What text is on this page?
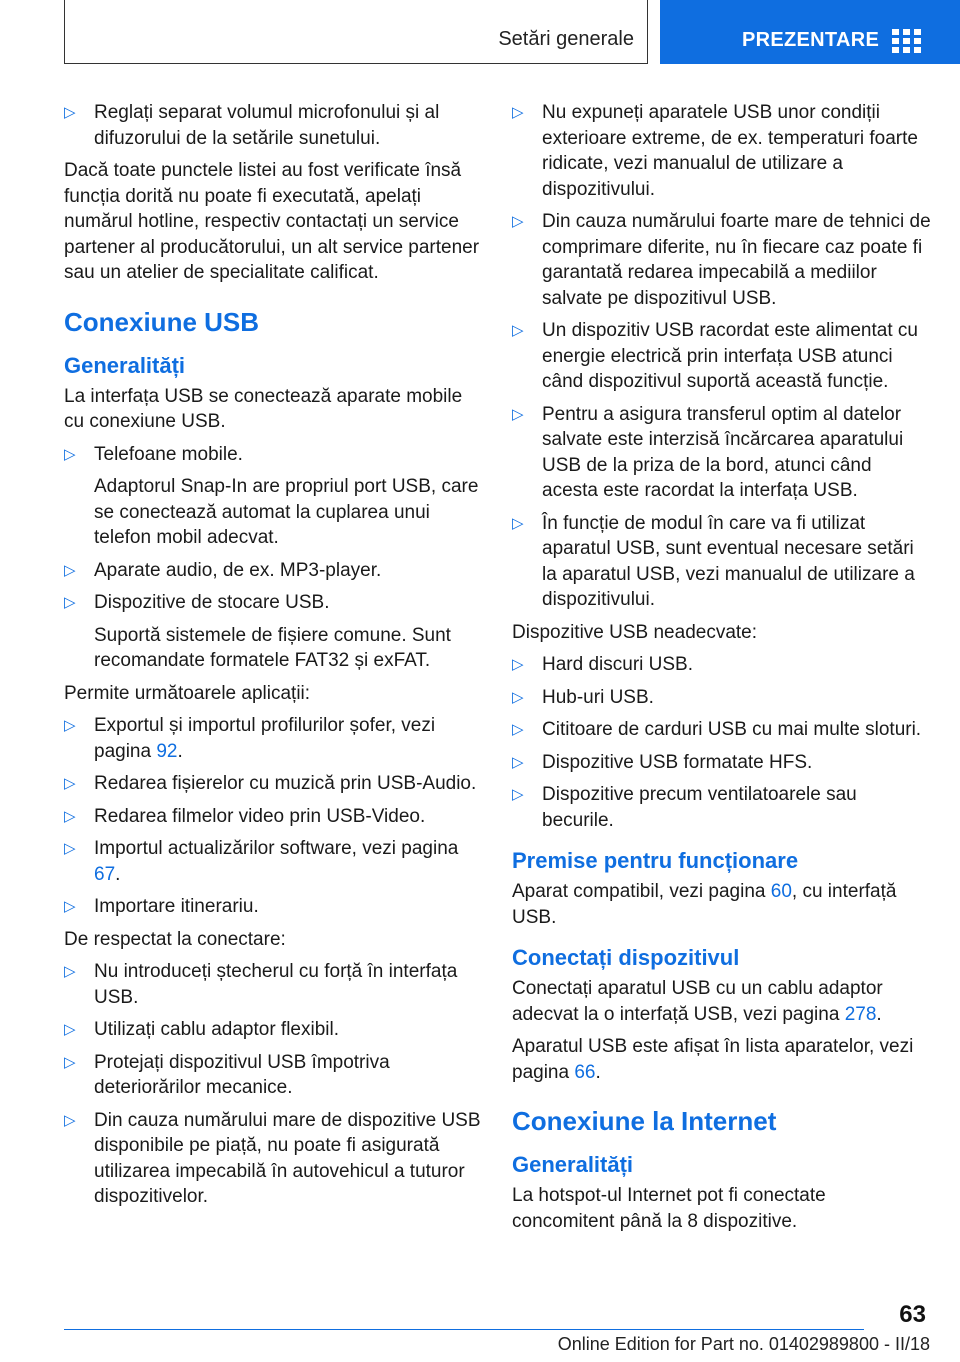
Setări generale	PREZENTARE
▷ Reglați separat volumul microfonului și al difuzorului de la setările sunetului.

Dacă toate punctele listei au fost verificate însă funcția dorită nu poate fi executată, apelați numărul hotline, respectiv contactați un service partener al producătorului, un alt service partener sau un atelier de specialitate calificat.

Conexiune USB
Generalități

La interfața USB se conectează aparate mobile cu conexiune USB.

▷ Telefoane mobile.
Adaptorul Snap-In are propriul port USB, care se conectează automat la cuplarea unui telefon mobil adecvat.
▷ Aparate audio, de ex. MP3-player.
▷ Dispozitive de stocare USB.
Suportă sistemele de fișiere comune. Sunt recomandate formatele FAT32 și exFAT.

Permite următoarele aplicații:

▷ Exportul și importul profilurilor șofer, vezi pagina 92.
▷ Redarea fișierelor cu muzică prin USB-Audio.
▷ Redarea filmelor video prin USB-Video.
▷ Importul actualizărilor software, vezi pagina 67.
▷ Importare itinerariu.

De respectat la conectare:

▷ Nu introduceți ștecherul cu forță în interfața USB.
▷ Utilizați cablu adaptor flexibil.
▷ Protejați dispozitivul USB împotriva deteriorărilor mecanice.
▷ Din cauza numărului mare de dispozitive USB disponibile pe piață, nu poate fi asigurată utilizarea impecabilă în autovehicul a tuturor dispozitivelor.
▷ Nu expuneți aparatele USB unor condiții exterioare extreme, de ex. temperaturi foarte ridicate, vezi manualul de utilizare a dispozitivului.
▷ Din cauza numărului foarte mare de tehnici de comprimare diferite, nu în fiecare caz poate fi garantată redarea impecabilă a mediilor salvate pe dispozitivul USB.
▷ Un dispozitiv USB racordat este alimentat cu energie electrică prin interfața USB atunci când dispozitivul suportă această funcție.
▷ Pentru a asigura transferul optim al datelor salvate este interzisă încărcarea aparatului USB de la priza de la bord, atunci când acesta este racordat la interfața USB.
▷ În funcție de modul în care va fi utilizat aparatul USB, sunt eventual necesare setări la aparatul USB, vezi manualul de utilizare a dispozitivului.

Dispozitive USB neadecvate:

▷ Hard discuri USB.
▷ Hub-uri USB.
▷ Cititoare de carduri USB cu mai multe sloturi.
▷ Dispozitive USB formatate HFS.
▷ Dispozitive precum ventilatoarele sau becurile.
Premise pentru funcționare

Aparat compatibil, vezi pagina 60, cu interfață USB.

Conectați dispozitivul

Conectați aparatul USB cu un cablu adaptor adecvat la o interfață USB, vezi pagina 278.

Aparatul USB este afișat în lista aparatelor, vezi pagina 66.

Conexiune la Internet
Generalități

La hotspot-ul Internet pot fi conectate concomitent până la 8 dispozitive.

63
Online Edition for Part no. 01402989800 - II/18
